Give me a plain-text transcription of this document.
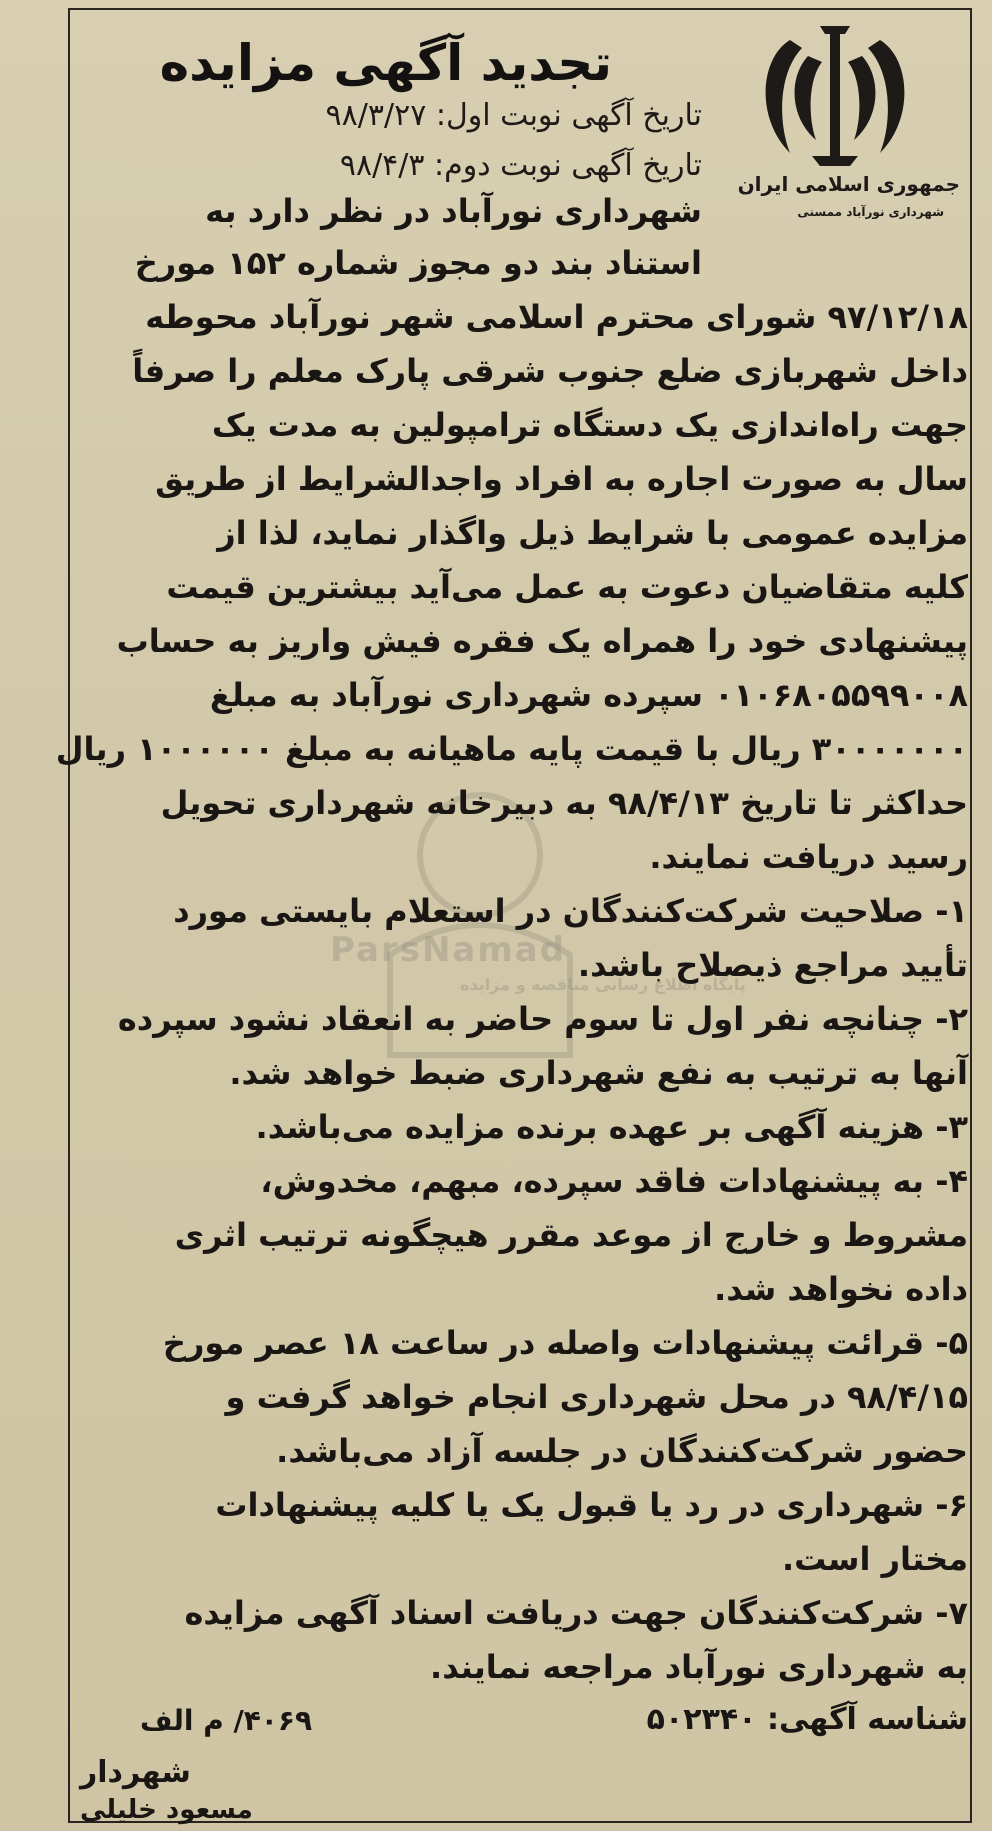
جمهوری اسلامی ایران
شهرداری نورآباد ممسنی
تجدید آگهی مزایده
تاریخ آگهی نوبت اول: ۹۸/۳/۲۷
تاریخ آگهی نوبت دوم: ۹۸/۴/۳
ParsNamad
پایگاه اطلاع رسانی مناقصه و مزایده
شهرداری نورآباد در نظر دارد به
استناد بند دو مجوز شماره ۱۵۲ مورخ
۹۷/۱۲/۱۸ شورای محترم اسلامی شهر نورآباد محوطه
داخل شهربازی ضلع جنوب شرقی پارک معلم را صرفاً
جهت راه‌اندازی یک دستگاه ترامپولین به مدت یک
سال به صورت اجاره به افراد واجدالشرایط از طریق
مزایده عمومی با شرایط ذیل واگذار نماید، لذا از
کلیه متقاضیان دعوت به عمل می‌آید بیشترین قیمت
پیشنهادی خود را همراه یک فقره فیش واریز به حساب
۰۱۰۶۸۰۵۵۹۹۰۰۸ سپرده شهرداری نورآباد به مبلغ
۳۰۰۰۰۰۰۰ ریال با قیمت پایه ماهیانه به مبلغ ۱۰۰۰۰۰۰ ریال
حداکثر تا تاریخ ۹۸/۴/۱۳ به دبیرخانه شهرداری تحویل
رسید دریافت نمایند.
۱- صلاحیت شرکت‌کنندگان در استعلام بایستی مورد
تأیید مراجع ذیصلاح باشد.
۲- چنانچه نفر اول تا سوم حاضر به انعقاد نشود سپرده
آنها به ترتیب به نفع شهرداری ضبط خواهد شد.
۳- هزینه آگهی بر عهده برنده مزایده می‌باشد.
۴- به پیشنهادات فاقد سپرده، مبهم، مخدوش،
مشروط و خارج از موعد مقرر هیچگونه ترتیب اثری
داده نخواهد شد.
۵- قرائت پیشنهادات واصله در ساعت ۱۸ عصر مورخ
۹۸/۴/۱۵ در محل شهرداری انجام خواهد گرفت و
حضور شرکت‌کنندگان در جلسه آزاد می‌باشد.
۶- شهرداری در رد یا قبول یک یا کلیه پیشنهادات
مختار است.
۷- شرکت‌کنندگان جهت دریافت اسناد آگهی مزایده
به شهرداری نورآباد مراجعه نمایند.
شناسه آگهی: ۵۰۲۳۴۰
۴۰۶۹/ م الف
شهردار
مسعود خلیلی
